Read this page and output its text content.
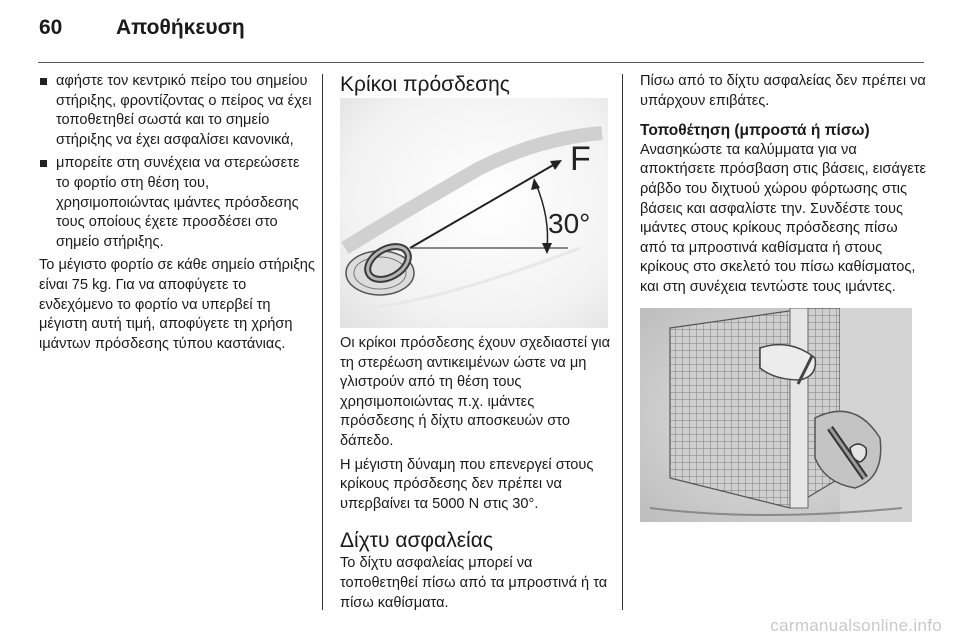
60	Αποθήκευση
αφήστε τον κεντρικό πείρο του σημείου στήριξης, φροντίζοντας ο πείρος να έχει τοποθετηθεί σωστά και το σημείο στήριξης να έχει ασφαλίσει κανονικά,
μπορείτε στη συνέχεια να στερεώσετε το φορτίο στη θέση του, χρησιμοποιώντας ιμάντες πρόσδεσης τους οποίους έχετε προσδέσει στο σημείο στήριξης.

Το μέγιστο φορτίο σε κάθε σημείο στήριξης είναι 75 kg. Για να αποφύγετε το ενδεχόμενο το φορτίο να υπερβεί τη μέγιστη αυτή τιμή, αποφύγετε τη χρήση ιμάντων πρόσδεσης τύπου καστάνιας.

Κρίκοι πρόσδεσης
F
30°

Οι κρίκοι πρόσδεσης έχουν σχεδιαστεί για τη στερέωση αντικειμένων ώστε να μη γλιστρούν από τη θέση τους χρησιμοποιώντας π.χ. ιμάντες πρόσδεσης ή δίχτυ αποσκευών στο δάπεδο.

Η μέγιστη δύναμη που επενεργεί στους κρίκους πρόσδεσης δεν πρέπει να υπερβαίνει τα 5000 N στις 30°.

Δίχτυ ασφαλείας

Το δίχτυ ασφαλείας μπορεί να τοποθετηθεί πίσω από τα μπροστινά ή τα πίσω καθίσματα.

Πίσω από το δίχτυ ασφαλείας δεν πρέπει να υπάρχουν επιβάτες.

Τοποθέτηση (μπροστά ή πίσω)

Ανασηκώστε τα καλύμματα για να αποκτήσετε πρόσβαση στις βάσεις, εισάγετε ράβδο του διχτυού χώρου φόρτωσης στις βάσεις και ασφαλίστε την. Συνδέστε τους ιμάντες στους κρίκους πρόσδεσης πίσω από τα μπροστινά καθίσματα ή στους κρίκους στο σκελετό του πίσω καθίσματος, και στη συνέχεια τεντώστε τους ιμάντες.

carmanualsonline.info
